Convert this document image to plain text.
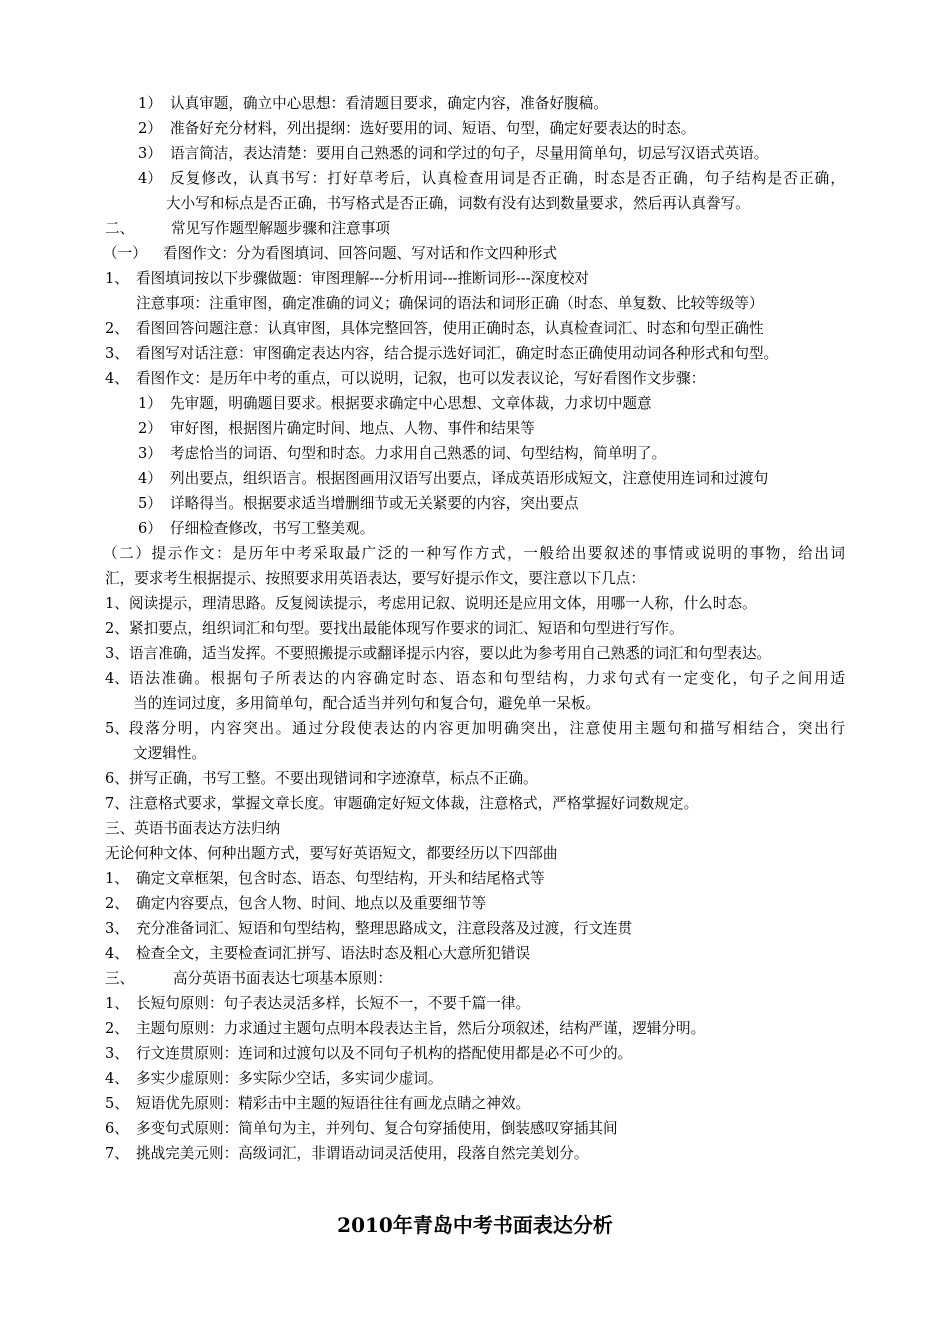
1） 认真审题，确立中心思想：看清题目要求，确定内容，准备好腹稿。
2） 准备好充分材料，列出提纲：选好要用的词、短语、句型，确定好要表达的时态。
3） 语言简洁，表达清楚：要用自己熟悉的词和学过的句子，尽量用简单句，切忌写汉语式英语。
4） 反复修改，认真书写：打好草考后，认真检查用词是否正确，时态是否正确，句子结构是否正确，
大小写和标点是否正确，书写格式是否正确，词数有没有达到数量要求，然后再认真誊写。
二、	常见写作题型解题步骤和注意事项
（一） 看图作文：分为看图填词、回答问题、写对话和作文四种形式
1、 看图填词按以下步骤做题：审图理解---分析用词---推断词形---深度校对
注意事项：注重审图，确定准确的词义；确保词的语法和词形正确（时态、单复数、比较等级等）
2、 看图回答问题注意：认真审图，具体完整回答，使用正确时态，认真检查词汇、时态和句型正确性
3、 看图写对话注意：审图确定表达内容，结合提示选好词汇，确定时态正确使用动词各种形式和句型。
4、 看图作文：是历年中考的重点，可以说明，记叙，也可以发表议论，写好看图作文步骤：
1） 先审题，明确题目要求。根据要求确定中心思想、文章体裁，力求切中题意
2） 审好图，根据图片确定时间、地点、人物、事件和结果等
3） 考虑恰当的词语、句型和时态。力求用自己熟悉的词、句型结构，简单明了。
4） 列出要点，组织语言。根据图画用汉语写出要点，译成英语形成短文，注意使用连词和过渡句
5） 详略得当。根据要求适当增删细节或无关紧要的内容，突出要点
6） 仔细检查修改，书写工整美观。
（二）提示作文：是历年中考采取最广泛的一种写作方式，一般给出要叙述的事情或说明的事物，给出词
汇，要求考生根据提示、按照要求用英语表达，要写好提示作文，要注意以下几点：
1、 阅读提示，理清思路。反复阅读提示，考虑用记叙、说明还是应用文体，用哪一人称，什么时态。
2、 紧扣要点，组织词汇和句型。要找出最能体现写作要求的词汇、短语和句型进行写作。
3、 语言准确，适当发挥。不要照搬提示或翻译提示内容，要以此为参考用自己熟悉的词汇和句型表达。
4、 语法准确。根据句子所表达的内容确定时态、语态和句型结构，力求句式有一定变化，句子之间用适
当的连词过度，多用简单句，配合适当并列句和复合句，避免单一呆板。
5、 段落分明，内容突出。通过分段使表达的内容更加明确突出，注意使用主题句和描写相结合，突出行
文逻辑性。
6、 拼写正确，书写工整。不要出现错词和字迹潦草，标点不正确。
7、 注意格式要求，掌握文章长度。审题确定好短文体裁，注意格式，严格掌握好词数规定。
三、英语书面表达方法归纳
无论何种文体、何种出题方式，要写好英语短文，都要经历以下四部曲
1、 确定文章框架，包含时态、语态、句型结构，开头和结尾格式等
2、 确定内容要点，包含人物、时间、地点以及重要细节等
3、 充分准备词汇、短语和句型结构，整理思路成文，注意段落及过渡，行文连贯
4、 检查全文，主要检查词汇拼写、语法时态及粗心大意所犯错误
三、	高分英语书面表达七项基本原则：
1、 长短句原则：句子表达灵活多样，长短不一，不要千篇一律。
2、 主题句原则：力求通过主题句点明本段表达主旨，然后分项叙述，结构严谨，逻辑分明。
3、 行文连贯原则：连词和过渡句以及不同句子机构的搭配使用都是必不可少的。
4、 多实少虚原则：多实际少空话，多实词少虚词。
5、 短语优先原则：精彩击中主题的短语往往有画龙点睛之神效。
6、 多变句式原则：简单句为主，并列句、复合句穿插使用，倒装感叹穿插其间
7、 挑战完美元则：高级词汇，非谓语动词灵活使用，段落自然完美划分。
2010年青岛中考书面表达分析
